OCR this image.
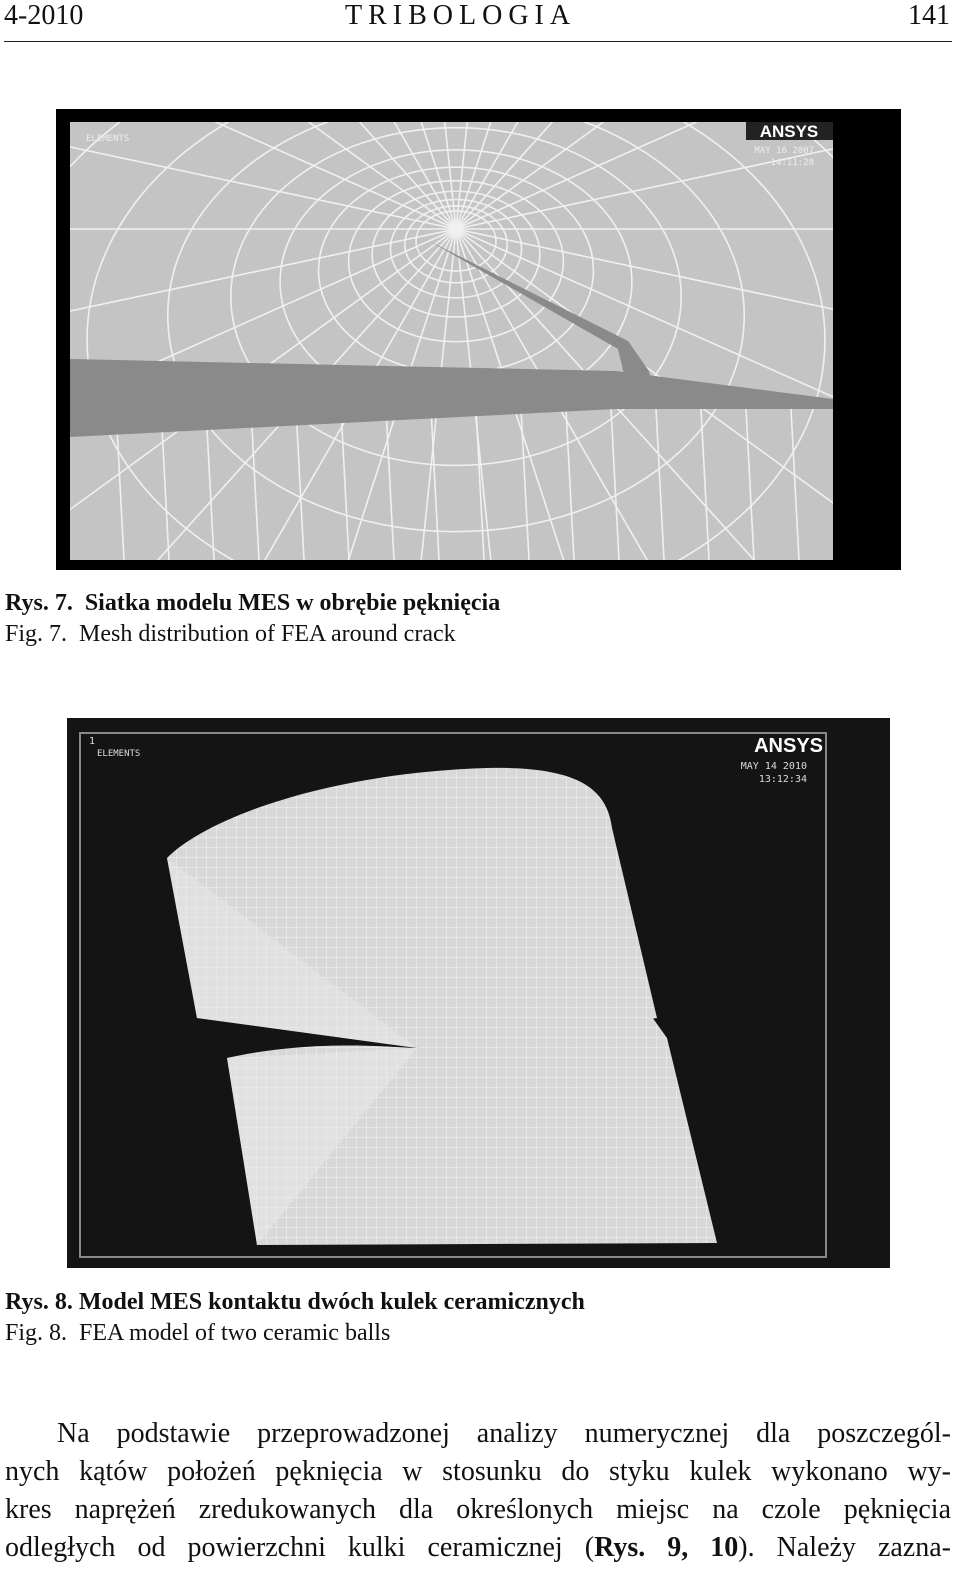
4-2010	TRIBOLOGIA	141
ANSYS
ELEMENTS
MAY 16 2007
14:11:28
Rys. 7. Siatka modelu MES w obrębie pęknięcia
Fig. 7. Mesh distribution of FEA around crack
1
ELEMENTS	ANSYS
MAY 14 2010
13:12:34
Rys. 8. Model MES kontaktu dwóch kulek ceramicznych
Fig. 8. FEA model of two ceramic balls
Na podstawie przeprowadzonej analizy numerycznej dla poszczegól-
nych kątów położeń pęknięcia w stosunku do styku kulek wykonano wy-
kres naprężeń zredukowanych dla określonych miejsc na czole pęknięcia
odległych od powierzchni kulki ceramicznej (Rys. 9, 10). Należy zazna-
